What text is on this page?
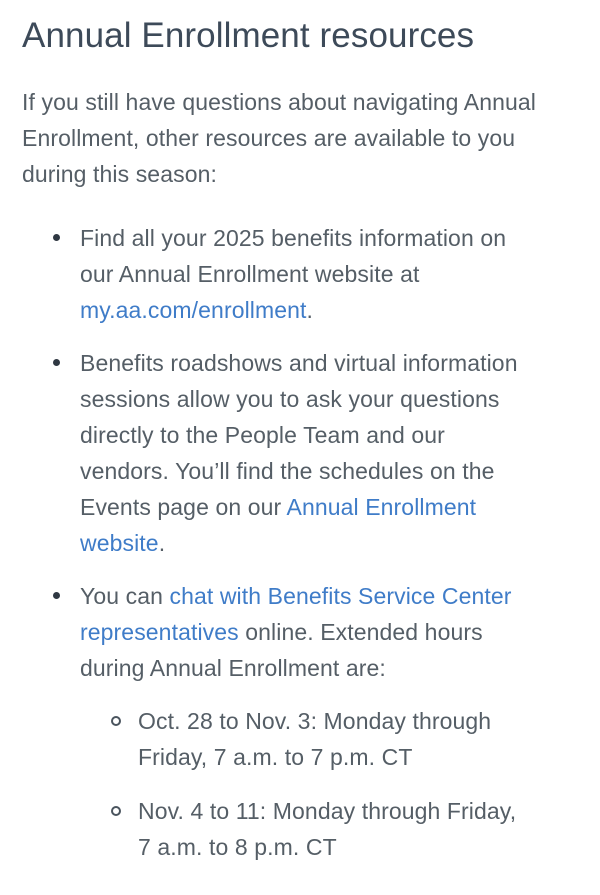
Annual Enrollment resources

If you still have questions about navigating Annual Enrollment, other resources are available to you during this season:

Find all your 2025 benefits information on our Annual Enrollment website at my.aa.com/enrollment.
Benefits roadshows and virtual information sessions allow you to ask your questions directly to the People Team and our vendors. You’ll find the schedules on the Events page on our Annual Enrollment website.
You can chat with Benefits Service Center representatives online. Extended hours during Annual Enrollment are:
Oct. 28 to Nov. 3: Monday through Friday, 7 a.m. to 7 p.m. CT
Nov. 4 to 11: Monday through Friday, 7 a.m. to 8 p.m. CT
